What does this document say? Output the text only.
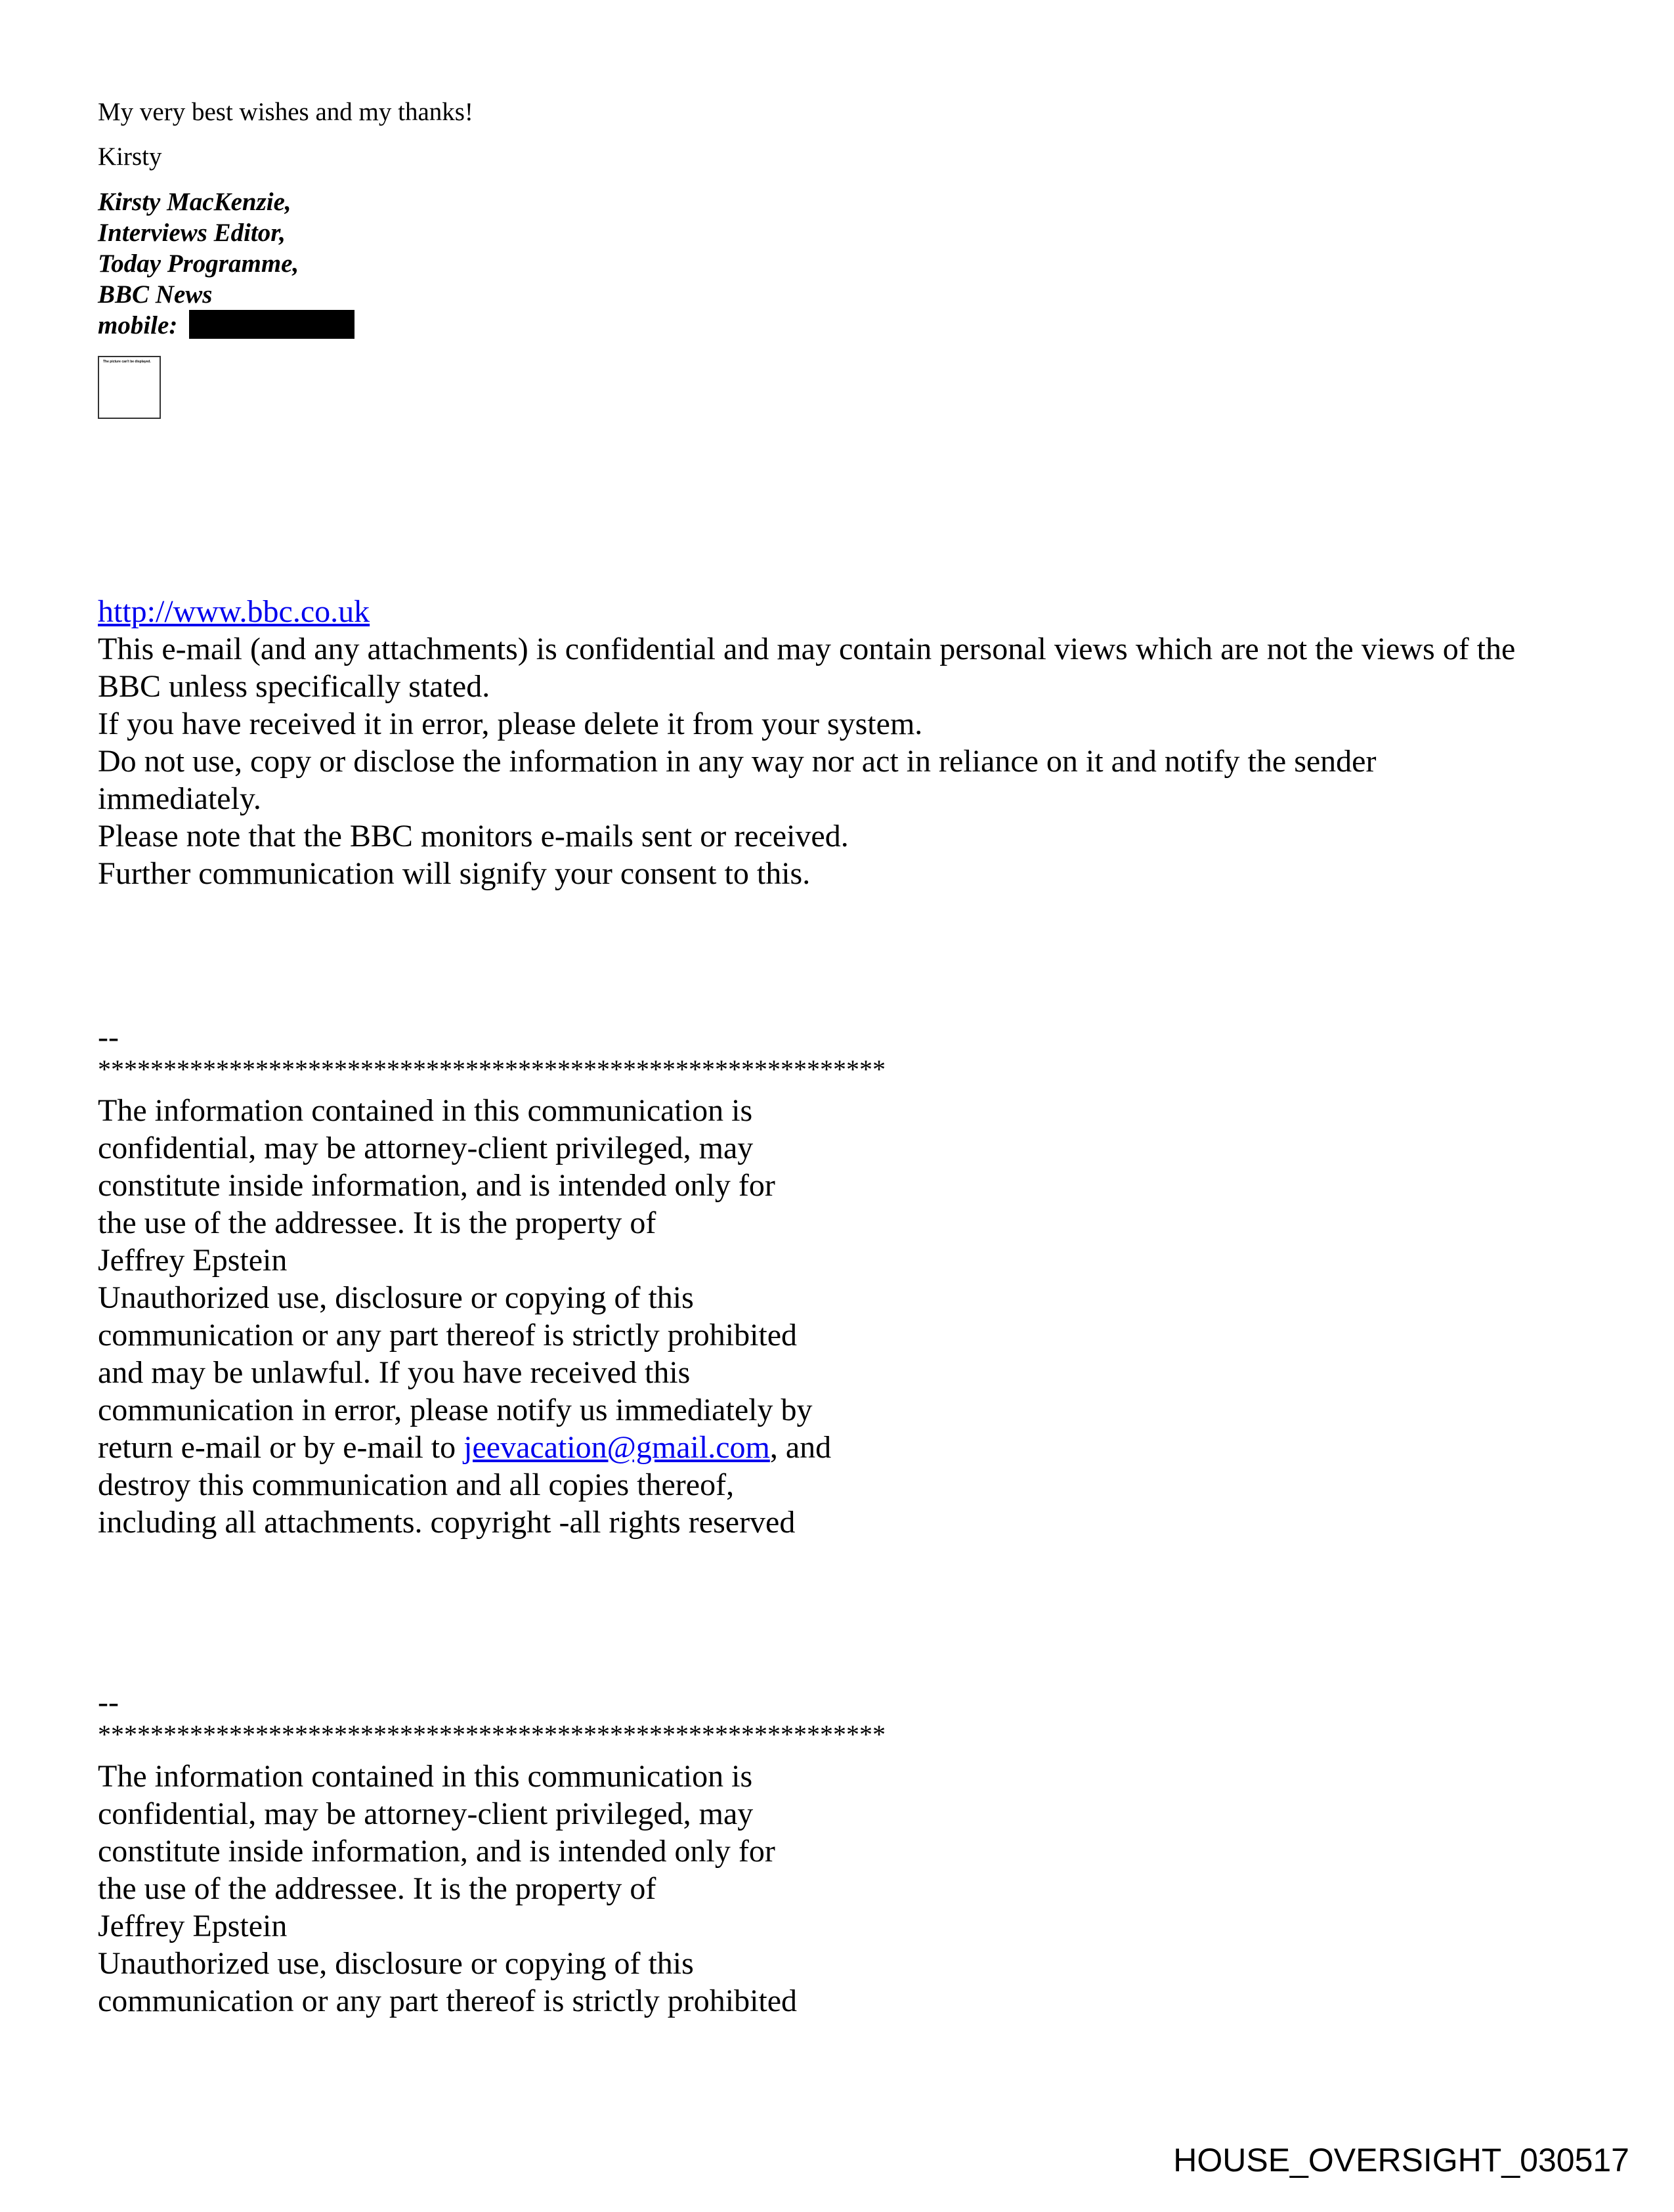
My very best wishes and my thanks!
Kirsty
Kirsty MacKenzie,
Interviews Editor,
Today Programme,
BBC News
mobile:
The picture can't be displayed.
http://www.bbc.co.uk
This e-mail (and any attachments) is confidential and may contain personal views which are not the views of the
BBC unless specifically stated.
If you have received it in error, please delete it from your system.
Do not use, copy or disclose the information in any way nor act in reliance on it and notify the sender
immediately.
Please note that the BBC monitors e-mails sent or received.
Further communication will signify your consent to this.
--
************************************************************
The information contained in this communication is
confidential, may be attorney-client privileged, may
constitute inside information, and is intended only for
the use of the addressee. It is the property of
Jeffrey Epstein
Unauthorized use, disclosure or copying of this
communication or any part thereof is strictly prohibited
and may be unlawful. If you have received this
communication in error, please notify us immediately by
return e-mail or by e-mail to jeevacation@gmail.com, and
destroy this communication and all copies thereof,
including all attachments. copyright -all rights reserved
--
************************************************************
The information contained in this communication is
confidential, may be attorney-client privileged, may
constitute inside information, and is intended only for
the use of the addressee. It is the property of
Jeffrey Epstein
Unauthorized use, disclosure or copying of this
communication or any part thereof is strictly prohibited
HOUSE_OVERSIGHT_030517
